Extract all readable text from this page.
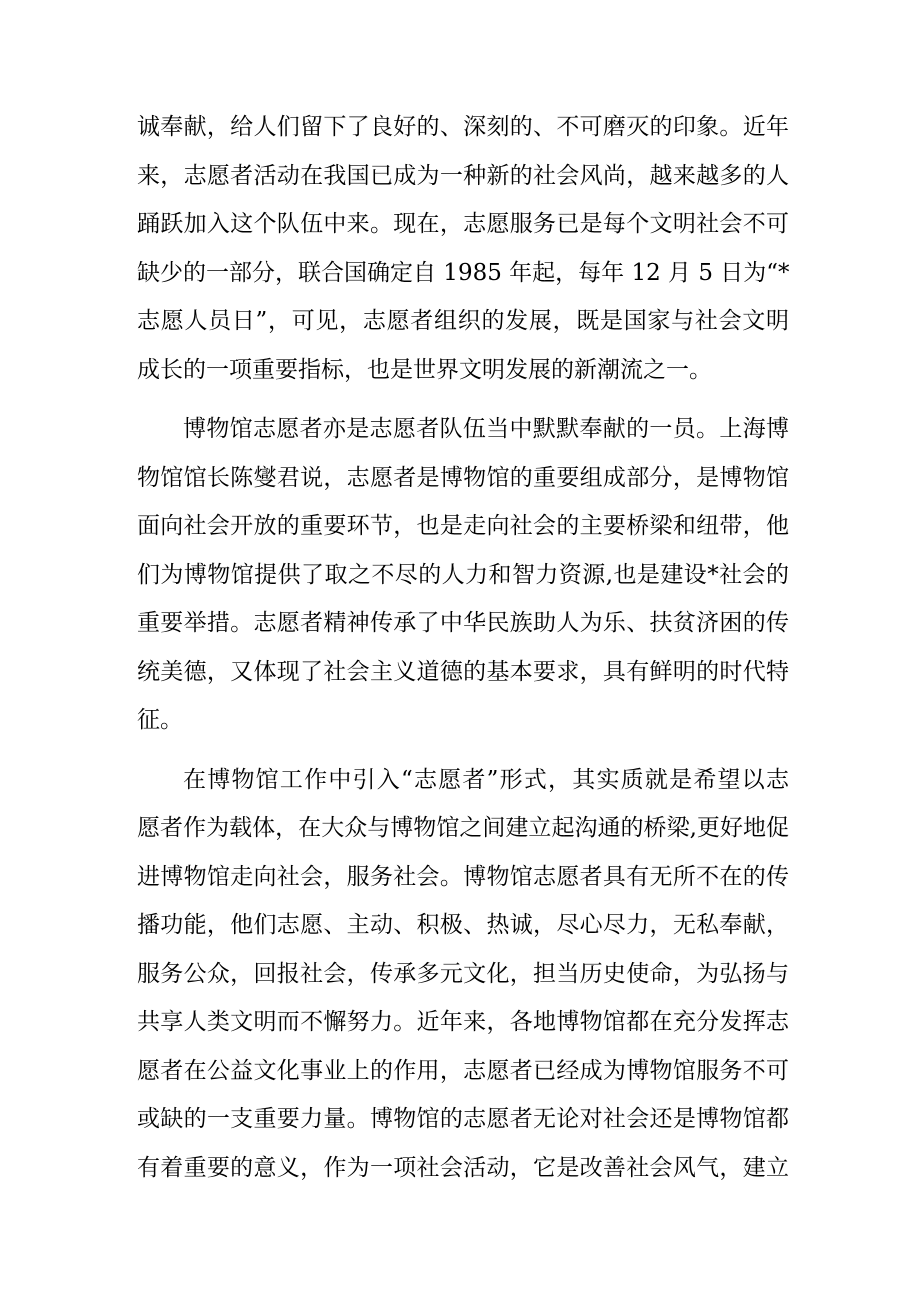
诚奉献，给人们留下了良好的、深刻的、不可磨灭的印象。近年
来，志愿者活动在我国已成为一种新的社会风尚，越来越多的人
踊跃加入这个队伍中来。现在，志愿服务已是每个文明社会不可
缺少的一部分，联合国确定自 1985 年起，每年 12 月 5 日为“*
志愿人员日”，可见，志愿者组织的发展，既是国家与社会文明
成长的一项重要指标，也是世界文明发展的新潮流之一。
博物馆志愿者亦是志愿者队伍当中默默奉献的一员。上海博
物馆馆长陈燮君说，志愿者是博物馆的重要组成部分，是博物馆
面向社会开放的重要环节，也是走向社会的主要桥梁和纽带，他
们为博物馆提供了取之不尽的人力和智力资源,也是建设*社会的
重要举措。志愿者精神传承了中华民族助人为乐、扶贫济困的传
统美德，又体现了社会主义道德的基本要求，具有鲜明的时代特
征。
在博物馆工作中引入“志愿者”形式，其实质就是希望以志
愿者作为载体，在大众与博物馆之间建立起沟通的桥梁,更好地促
进博物馆走向社会，服务社会。博物馆志愿者具有无所不在的传
播功能，他们志愿、主动、积极、热诚，尽心尽力，无私奉献，
服务公众，回报社会，传承多元文化，担当历史使命，为弘扬与
共享人类文明而不懈努力。近年来，各地博物馆都在充分发挥志
愿者在公益文化事业上的作用，志愿者已经成为博物馆服务不可
或缺的一支重要力量。博物馆的志愿者无论对社会还是博物馆都
有着重要的意义，作为一项社会活动，它是改善社会风气，建立
